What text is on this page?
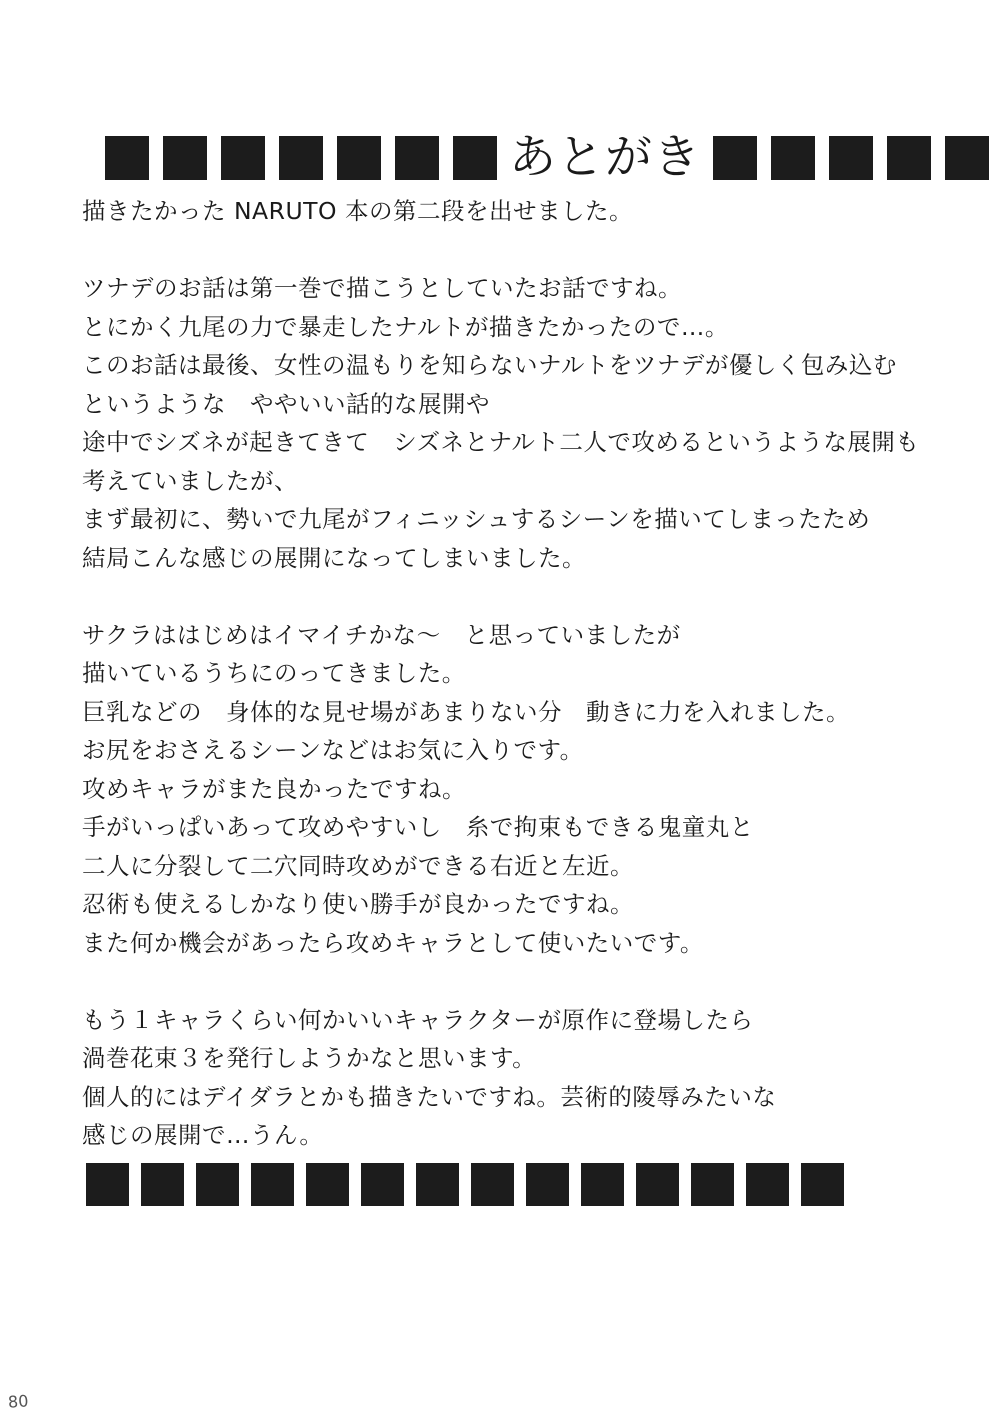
あとがき
描きたかった NARUTO 本の第二段を出せました。
ツナデのお話は第一巻で描こうとしていたお話ですね。
とにかく九尾の力で暴走したナルトが描きたかったので…。
このお話は最後、女性の温もりを知らないナルトをツナデが優しく包み込む
というような　ややいい話的な展開や
途中でシズネが起きてきて　シズネとナルト二人で攻めるというような展開も
考えていましたが、
まず最初に、勢いで九尾がフィニッシュするシーンを描いてしまったため
結局こんな感じの展開になってしまいました。
サクラははじめはイマイチかな～　と思っていましたが
描いているうちにのってきました。
巨乳などの　身体的な見せ場があまりない分　動きに力を入れました。
お尻をおさえるシーンなどはお気に入りです。
攻めキャラがまた良かったですね。
手がいっぱいあって攻めやすいし　糸で拘束もできる鬼童丸と
二人に分裂して二穴同時攻めができる右近と左近。
忍術も使えるしかなり使い勝手が良かったですね。
また何か機会があったら攻めキャラとして使いたいです。
もう１キャラくらい何かいいキャラクターが原作に登場したら
渦巻花束３を発行しようかなと思います。
個人的にはデイダラとかも描きたいですね。芸術的陵辱みたいな
感じの展開で…うん。
80
